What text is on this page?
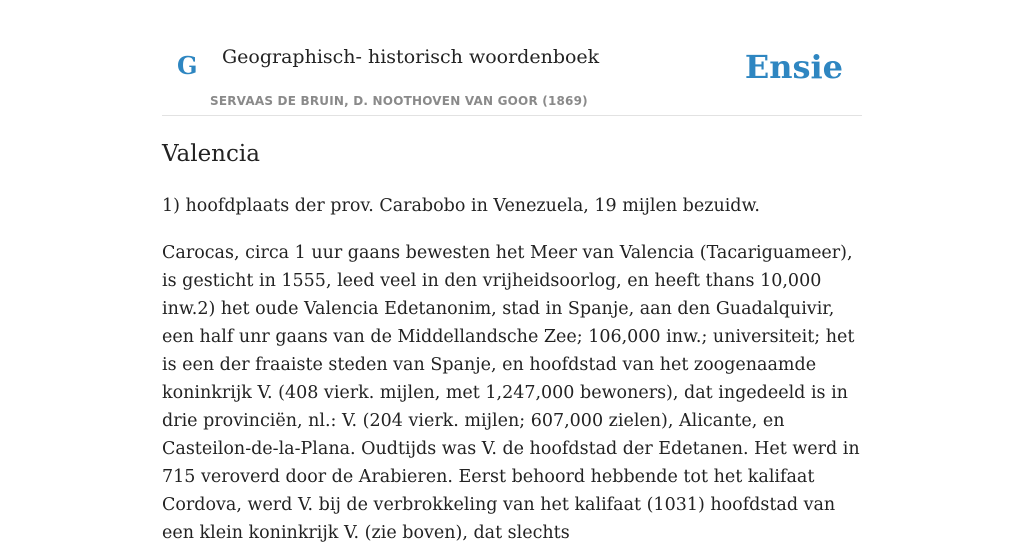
G Geographisch- historisch woordenboek
SERVAAS DE BRUIN, D. NOOTHOVEN VAN GOOR (1869)
Ensie
Valencia

1) hoofdplaats der prov. Carabobo in Venezuela, 19 mijlen bezuidw.

Carocas, circa 1 uur gaans bewesten het Meer van Valencia (Tacariguameer), is gesticht in 1555, leed veel in den vrijheidsoorlog, en heeft thans 10,000 inw.2) het oude Valencia Edetanonim, stad in Spanje, aan den Guadalquivir, een half unr gaans van de Middellandsche Zee; 106,000 inw.; universiteit; het is een der fraaiste steden van Spanje, en hoofdstad van het zoogenaamde koninkrijk V. (408 vierk. mijlen, met 1,247,000 bewoners), dat ingedeeld is in drie provinciën, nl.: V. (204 vierk. mijlen; 607,000 zielen), Alicante, en Casteilon-de-la-Plana. Oudtijds was V. de hoofdstad der Edetanen. Het werd in 715 veroverd door de Arabieren. Eerst behoord hebbende tot het kalifaat Cordova, werd V. bij de verbrokkeling van het kalifaat (1031) hoofdstad van een klein koninkrijk V. (zie boven), dat slechts
